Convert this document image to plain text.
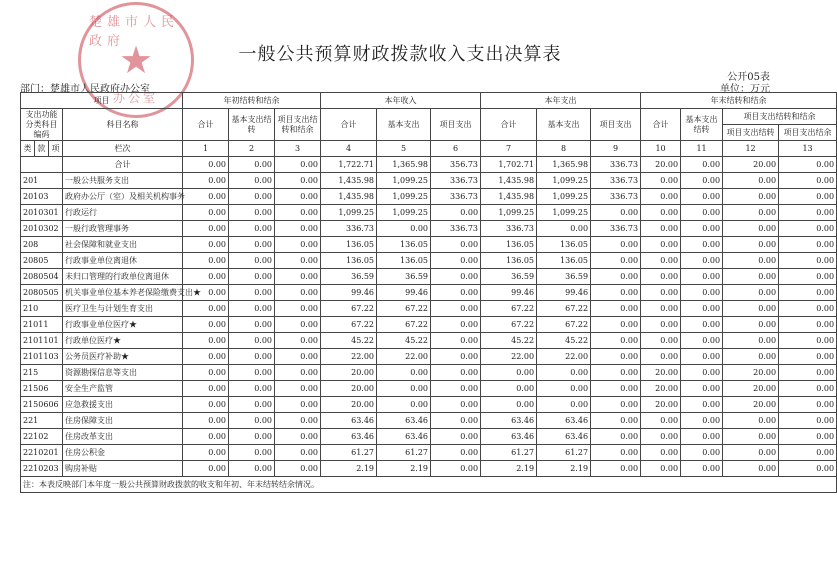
楚雄市人民政府
★
办公室
一般公共预算财政拨款收入支出决算表
公开05表
部门：楚雄市人民政府办公室	单位：万元
项目				年初结转和结余			本年收入			本年支出			年末结转和结余			
支出功能分类科目编码			科目名称	合计	基本支出结转	项目支出结转和结余	合计	基本支出	项目支出	合计	基本支出	项目支出	合计	基本支出结转	项目支出结转和结余	
															项目支出结转	项目支出结余
类	款	项	栏次	1	2	3	4	5	6	7	8	9	10	11	12	13
			合计	0.00	0.00	0.00	1,722.71	1,365.98	356.73	1,702.71	1,365.98	336.73	20.00	0.00	20.00	0.00
201			一般公共服务支出	0.00	0.00	0.00	1,435.98	1,099.25	336.73	1,435.98	1,099.25	336.73	0.00	0.00	0.00	0.00
20103			政府办公厅（室）及相关机构事务	0.00	0.00	0.00	1,435.98	1,099.25	336.73	1,435.98	1,099.25	336.73	0.00	0.00	0.00	0.00
2010301			行政运行	0.00	0.00	0.00	1,099.25	1,099.25	0.00	1,099.25	1,099.25	0.00	0.00	0.00	0.00	0.00
2010302			一般行政管理事务	0.00	0.00	0.00	336.73	0.00	336.73	336.73	0.00	336.73	0.00	0.00	0.00	0.00
208			社会保障和就业支出	0.00	0.00	0.00	136.05	136.05	0.00	136.05	136.05	0.00	0.00	0.00	0.00	0.00
20805			行政事业单位离退休	0.00	0.00	0.00	136.05	136.05	0.00	136.05	136.05	0.00	0.00	0.00	0.00	0.00
2080504			未归口管理的行政单位离退休	0.00	0.00	0.00	36.59	36.59	0.00	36.59	36.59	0.00	0.00	0.00	0.00	0.00
2080505			机关事业单位基本养老保险缴费支出★	0.00	0.00	0.00	99.46	99.46	0.00	99.46	99.46	0.00	0.00	0.00	0.00	0.00
210			医疗卫生与计划生育支出	0.00	0.00	0.00	67.22	67.22	0.00	67.22	67.22	0.00	0.00	0.00	0.00	0.00
21011			行政事业单位医疗★	0.00	0.00	0.00	67.22	67.22	0.00	67.22	67.22	0.00	0.00	0.00	0.00	0.00
2101101			行政单位医疗★	0.00	0.00	0.00	45.22	45.22	0.00	45.22	45.22	0.00	0.00	0.00	0.00	0.00
2101103			公务员医疗补助★	0.00	0.00	0.00	22.00	22.00	0.00	22.00	22.00	0.00	0.00	0.00	0.00	0.00
215			资源勘探信息等支出	0.00	0.00	0.00	20.00	0.00	0.00	0.00	0.00	0.00	20.00	0.00	20.00	0.00
21506			安全生产监管	0.00	0.00	0.00	20.00	0.00	0.00	0.00	0.00	0.00	20.00	0.00	20.00	0.00
2150606			应急救援支出	0.00	0.00	0.00	20.00	0.00	0.00	0.00	0.00	0.00	20.00	0.00	20.00	0.00
221			住房保障支出	0.00	0.00	0.00	63.46	63.46	0.00	63.46	63.46	0.00	0.00	0.00	0.00	0.00
22102			住房改革支出	0.00	0.00	0.00	63.46	63.46	0.00	63.46	63.46	0.00	0.00	0.00	0.00	0.00
2210201			住房公积金	0.00	0.00	0.00	61.27	61.27	0.00	61.27	61.27	0.00	0.00	0.00	0.00	0.00
2210203			购房补贴	0.00	0.00	0.00	2.19	2.19	0.00	2.19	2.19	0.00	0.00	0.00	0.00	0.00
注：本表反映部门本年度一般公共预算财政拨款的收支和年初、年末结转结余情况。																
